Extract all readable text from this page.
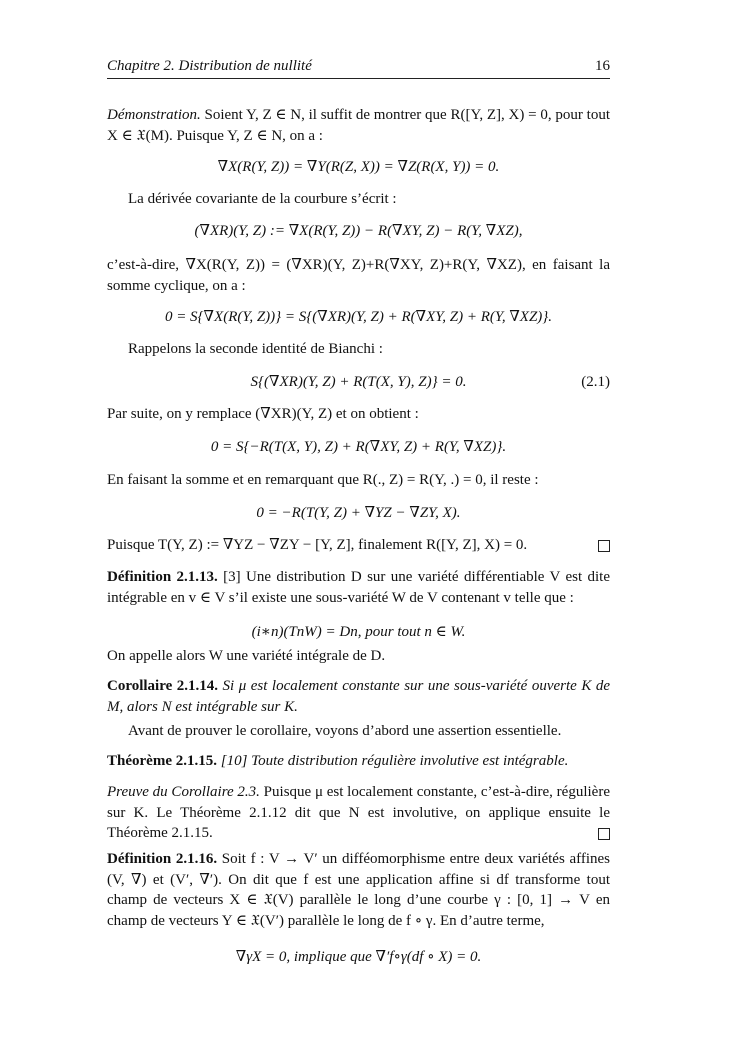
Chapitre 2. Distribution de nullité	16

Démonstration. Soient Y, Z ∈ N, il suffit de montrer que R([Y, Z], X) = 0, pour tout X ∈ 𝔛(M). Puisque Y, Z ∈ N, on a :

∇X(R(Y, Z)) = ∇Y(R(Z, X)) = ∇Z(R(X, Y)) = 0.

La dérivée covariante de la courbure s’écrit :

(∇XR)(Y, Z) := ∇X(R(Y, Z)) − R(∇XY, Z) − R(Y, ∇XZ),

c’est-à-dire, ∇X(R(Y, Z)) = (∇XR)(Y, Z)+R(∇XY, Z)+R(Y, ∇XZ), en faisant la somme cyclique, on a :

0 = S{∇X(R(Y, Z))} = S{(∇XR)(Y, Z) + R(∇XY, Z) + R(Y, ∇XZ)}.

Rappelons la seconde identité de Bianchi :

S{(∇XR)(Y, Z) + R(T(X, Y), Z)} = 0.	(2.1)

Par suite, on y remplace (∇XR)(Y, Z) et on obtient :

0 = S{−R(T(X, Y), Z) + R(∇XY, Z) + R(Y, ∇XZ)}.

En faisant la somme et en remarquant que R(., Z) = R(Y, .) = 0, il reste :

0 = −R(T(Y, Z) + ∇YZ − ∇ZY, X).

Puisque T(Y, Z) := ∇YZ − ∇ZY − [Y, Z], finalement R([Y, Z], X) = 0.

Définition 2.1.13. [3] Une distribution D sur une variété différentiable V est dite intégrable en v ∈ V s’il existe une sous-variété W de V contenant v telle que :

(i∗n)(TnW) = Dn, pour tout n ∈ W.

On appelle alors W une variété intégrale de D.

Corollaire 2.1.14. Si μ est localement constante sur une sous-variété ouverte K de M, alors N est intégrable sur K.

Avant de prouver le corollaire, voyons d’abord une assertion essentielle.

Théorème 2.1.15. [10] Toute distribution régulière involutive est intégrable.

Preuve du Corollaire 2.3. Puisque μ est localement constante, c’est-à-dire, régulière sur K. Le Théorème 2.1.12 dit que N est involutive, on applique ensuite le Théorème 2.1.15.

Définition 2.1.16. Soit f : V → V′ un difféomorphisme entre deux variétés affines (V, ∇) et (V′, ∇′). On dit que f est une application affine si df transforme tout champ de vecteurs X ∈ 𝔛(V) parallèle le long d’une courbe γ : [0, 1] → V en champ de vecteurs Y ∈ 𝔛(V′) parallèle le long de f ∘ γ. En d’autre terme,

∇γX = 0, implique que ∇′f∘γ(df ∘ X) = 0.
